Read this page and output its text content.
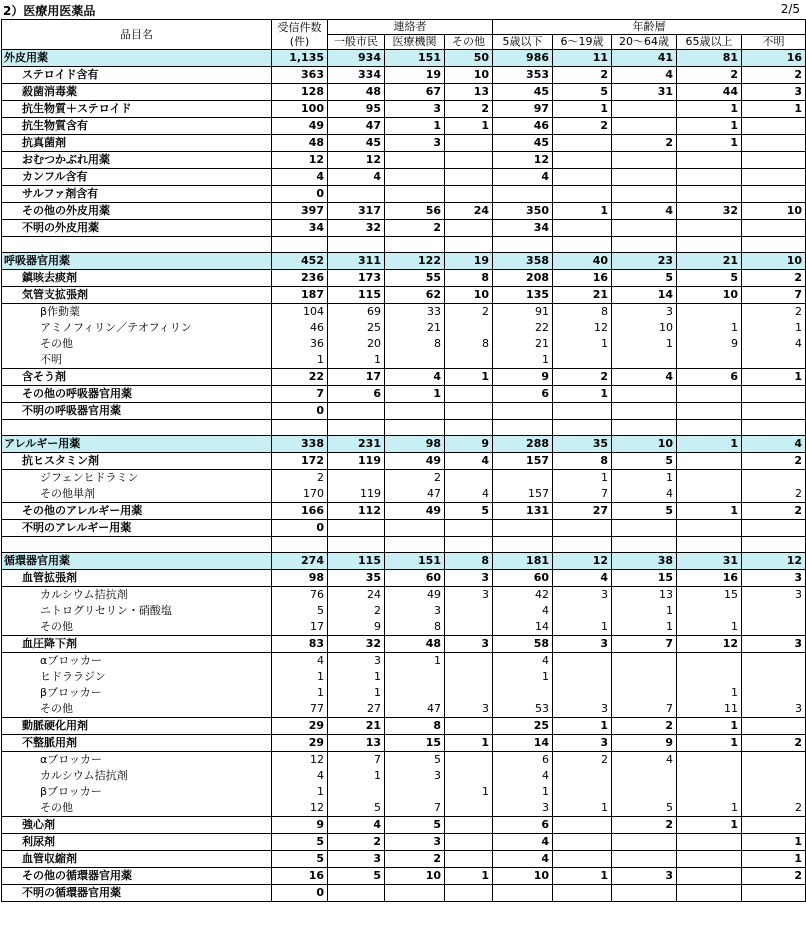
2）医療用医薬品	2/5
品目名	受信件数
(件)	連絡者			年齢層				
		一般市民	医療機関	その他	5歳以下	6～19歳	20～64歳	65歳以上	不明
外皮用薬	1,135	934	151	50	986	11	41	81	16
ステロイド含有	363	334	19	10	353	2	4	2	2
殺菌消毒薬	128	48	67	13	45	5	31	44	3
抗生物質＋ステロイド	100	95	3	2	97	1		1	1
抗生物質含有	49	47	1	1	46	2		1	
抗真菌剤	48	45	3		45		2	1	
おむつかぶれ用薬	12	12			12				
カンフル含有	4	4			4				
サルファ剤含有	0								
その他の外皮用薬	397	317	56	24	350	1	4	32	10
不明の外皮用薬	34	32	2		34				

呼吸器官用薬	452	311	122	19	358	40	23	21	10
鎮咳去痰剤	236	173	55	8	208	16	5	5	2
気管支拡張剤	187	115	62	10	135	21	14	10	7
β作動薬	104	69	33	2	91	8	3		2
アミノフィリン／テオフィリン	46	25	21		22	12	10	1	1
その他	36	20	8	8	21	1	1	9	4
不明	1	1			1				
含そう剤	22	17	4	1	9	2	4	6	1
その他の呼吸器官用薬	7	6	1		6	1			
不明の呼吸器官用薬	0								

アレルギー用薬	338	231	98	9	288	35	10	1	4
抗ヒスタミン剤	172	119	49	4	157	8	5		2
ジフェンヒドラミン	2		2			1	1		
その他単剤	170	119	47	4	157	7	4		2
その他のアレルギー用薬	166	112	49	5	131	27	5	1	2
不明のアレルギー用薬	0								

循環器官用薬	274	115	151	8	181	12	38	31	12
血管拡張剤	98	35	60	3	60	4	15	16	3
カルシウム拮抗剤	76	24	49	3	42	3	13	15	3
ニトログリセリン・硝酸塩	5	2	3		4		1		
その他	17	9	8		14	1	1	1	
血圧降下剤	83	32	48	3	58	3	7	12	3
αブロッカー	4	3	1		4				
ヒドララジン	1	1			1				
βブロッカー	1	1						1	
その他	77	27	47	3	53	3	7	11	3
動脈硬化用剤	29	21	8		25	1	2	1	
不整脈用剤	29	13	15	1	14	3	9	1	2
αブロッカー	12	7	5		6	2	4		
カルシウム拮抗剤	4	1	3		4				
βブロッカー	1			1	1				
その他	12	5	7		3	1	5	1	2
強心剤	9	4	5		6		2	1	
利尿剤	5	2	3		4				1
血管収縮剤	5	3	2		4				1
その他の循環器官用薬	16	5	10	1	10	1	3		2
不明の循環器官用薬	0								
